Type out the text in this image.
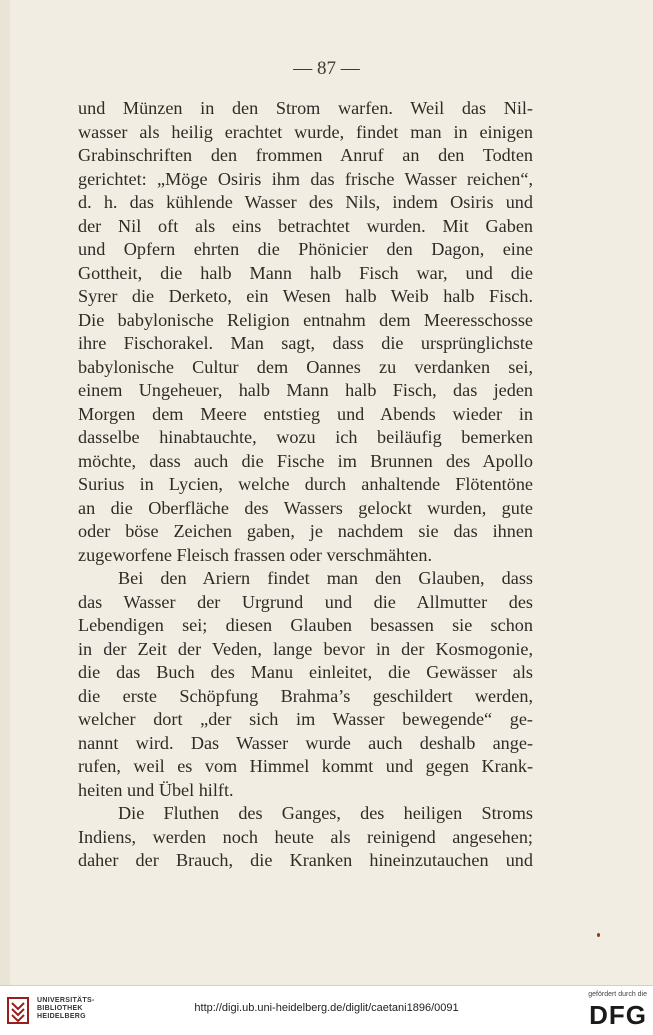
— 87 —
und Münzen in den Strom warfen. Weil das Nil-
wasser als heilig erachtet wurde, findet man in einigen
Grabinschriften den frommen Anruf an den Todten
gerichtet: „Möge Osiris ihm das frische Wasser reichen“,
d. h. das kühlende Wasser des Nils, indem Osiris und
der Nil oft als eins betrachtet wurden. Mit Gaben
und Opfern ehrten die Phönicier den Dagon, eine
Gottheit, die halb Mann halb Fisch war, und die
Syrer die Derketo, ein Wesen halb Weib halb Fisch.
Die babylonische Religion entnahm dem Meeresschosse
ihre Fischorakel. Man sagt, dass die ursprünglichste
babylonische Cultur dem Oannes zu verdanken sei,
einem Ungeheuer, halb Mann halb Fisch, das jeden
Morgen dem Meere entstieg und Abends wieder in
dasselbe hinabtauchte, wozu ich beiläufig bemerken
möchte, dass auch die Fische im Brunnen des Apollo
Surius in Lycien, welche durch anhaltende Flötentöne
an die Oberfläche des Wassers gelockt wurden, gute
oder böse Zeichen gaben, je nachdem sie das ihnen
zugeworfene Fleisch frassen oder verschmähten.
Bei den Ariern findet man den Glauben, dass
das Wasser der Urgrund und die Allmutter des
Lebendigen sei; diesen Glauben besassen sie schon
in der Zeit der Veden, lange bevor in der Kosmogonie,
die das Buch des Manu einleitet, die Gewässer als
die erste Schöpfung Brahma’s geschildert werden,
welcher dort „der sich im Wasser bewegende“ ge-
nannt wird. Das Wasser wurde auch deshalb ange-
rufen, weil es vom Himmel kommt und gegen Krank-
heiten und Übel hilft.
Die Fluthen des Ganges, des heiligen Stroms
Indiens, werden noch heute als reinigend angesehen;
daher der Brauch, die Kranken hineinzutauchen und
UNIVERSITÄTS-
BIBLIOTHEK
HEIDELBERG
http://digi.ub.uni-heidelberg.de/diglit/caetani1896/0091
gefördert durch die
DFG
